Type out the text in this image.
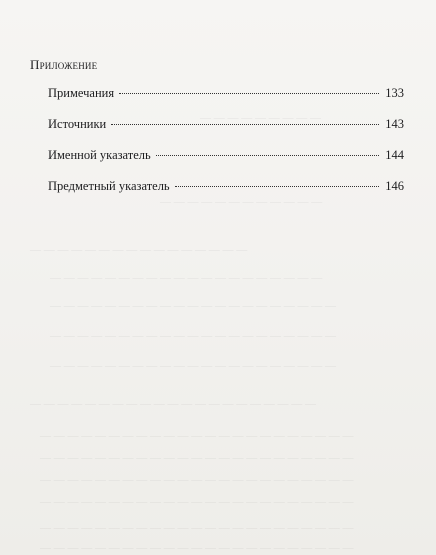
— — — — — — — — —
— — — — — — — — — — — —
— — — — — — — — — — — — — — — —
— — — — — — — — — — — — — — — — — — — —
— — — — — — — — — — — — — — — — — — — — —
— — — — — — — — — — — — — — — — — — — — —
— — — — — — — — — — — — — — — — — — — — —
— — — — — — — — — — — — — — — — — — — — —
— — — — — — — — — — — — — — — — — — — — — — —
— — — — — — — — — — — — — — — — — — — — — — —
— — — — — — — — — — — — — — — — — — — — — — —
— — — — — — — — — — — — — — — — — — — — — — —
— — — — — — — — — — — — — — — — — — — — — — —
— — — — — — — — — — — — — — — — — — — — — — —
Приложение
Примечания	133
Источники	143
Именной указатель	144
Предметный указатель	146
